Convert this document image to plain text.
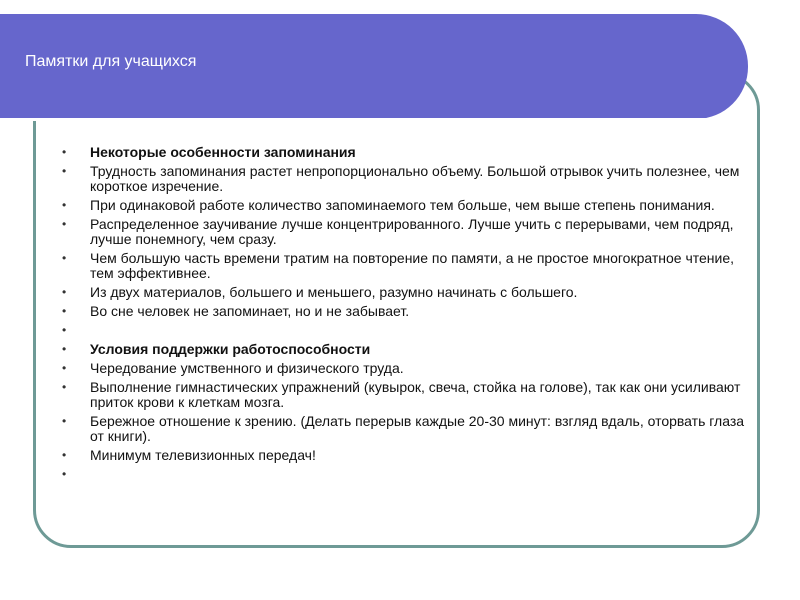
Памятки для учащихся
• Некоторые особенности запоминания
• Трудность запоминания растет непропорционально объему. Большой отрывок учить полезнее, чем короткое изречение.
• При одинаковой работе количество запоминаемого тем больше, чем выше степень понимания.
• Распределенное заучивание лучше концентрированного. Лучше учить с перерывами, чем подряд, лучше понемногу, чем сразу.
• Чем большую часть времени тратим на повторение по памяти, а не простое многократное чтение, тем эффективнее.
• Из двух материалов, большего и меньшего, разумно начинать с большего.
• Во сне человек не запоминает, но и не забывает.
•
• Условия поддержки работоспособности
• Чередование умственного и физического труда.
• Выполнение гимнастических упражнений (кувырок, свеча, стойка на голове), так как они усиливают приток крови к клеткам мозга.
• Бережное отношение к зрению. (Делать перерыв каждые 20-30 минут: взгляд вдаль, оторвать глаза от книги).
• Минимум телевизионных передач!
•
